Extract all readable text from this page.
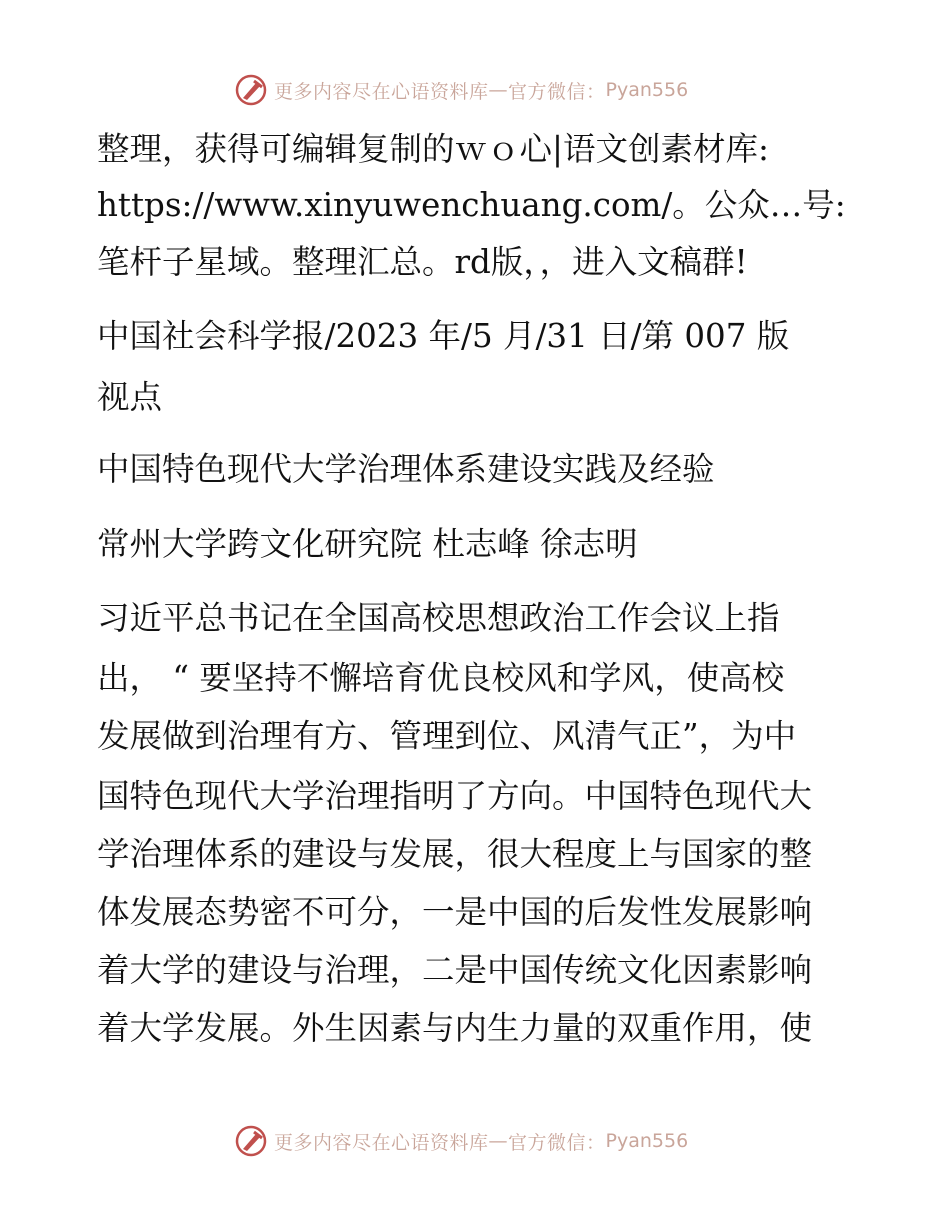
更多内容尽在心语资料库 — 官方微信 ： Pyan556
整理，获得可编辑复制的ｗｏ心|语文创素材库:
https://www.xinyuwenchuang.com/。公众…号:
笔杆子星域。整理汇总。rd版，，进入文稿群!
中国社会科学报/2023 年/5 月/31 日/第 007 版
视点
中国特色现代大学治理体系建设实践及经验
常州大学跨文化研究院 杜志峰 徐志明
习近平总书记在全国高校思想政治工作会议上指
出， “ 要坚持不懈培育优良校风和学风，使高校
发展做到治理有方、管理到位、风清气正”，为中
国特色现代大学治理指明了方向。中国特色现代大
学治理体系的建设与发展，很大程度上与国家的整
体发展态势密不可分，一是中国的后发性发展影响
着大学的建设与治理，二是中国传统文化因素影响
着大学发展。外生因素与内生力量的双重作用，使
更多内容尽在心语资料库 — 官方微信 ： Pyan556
